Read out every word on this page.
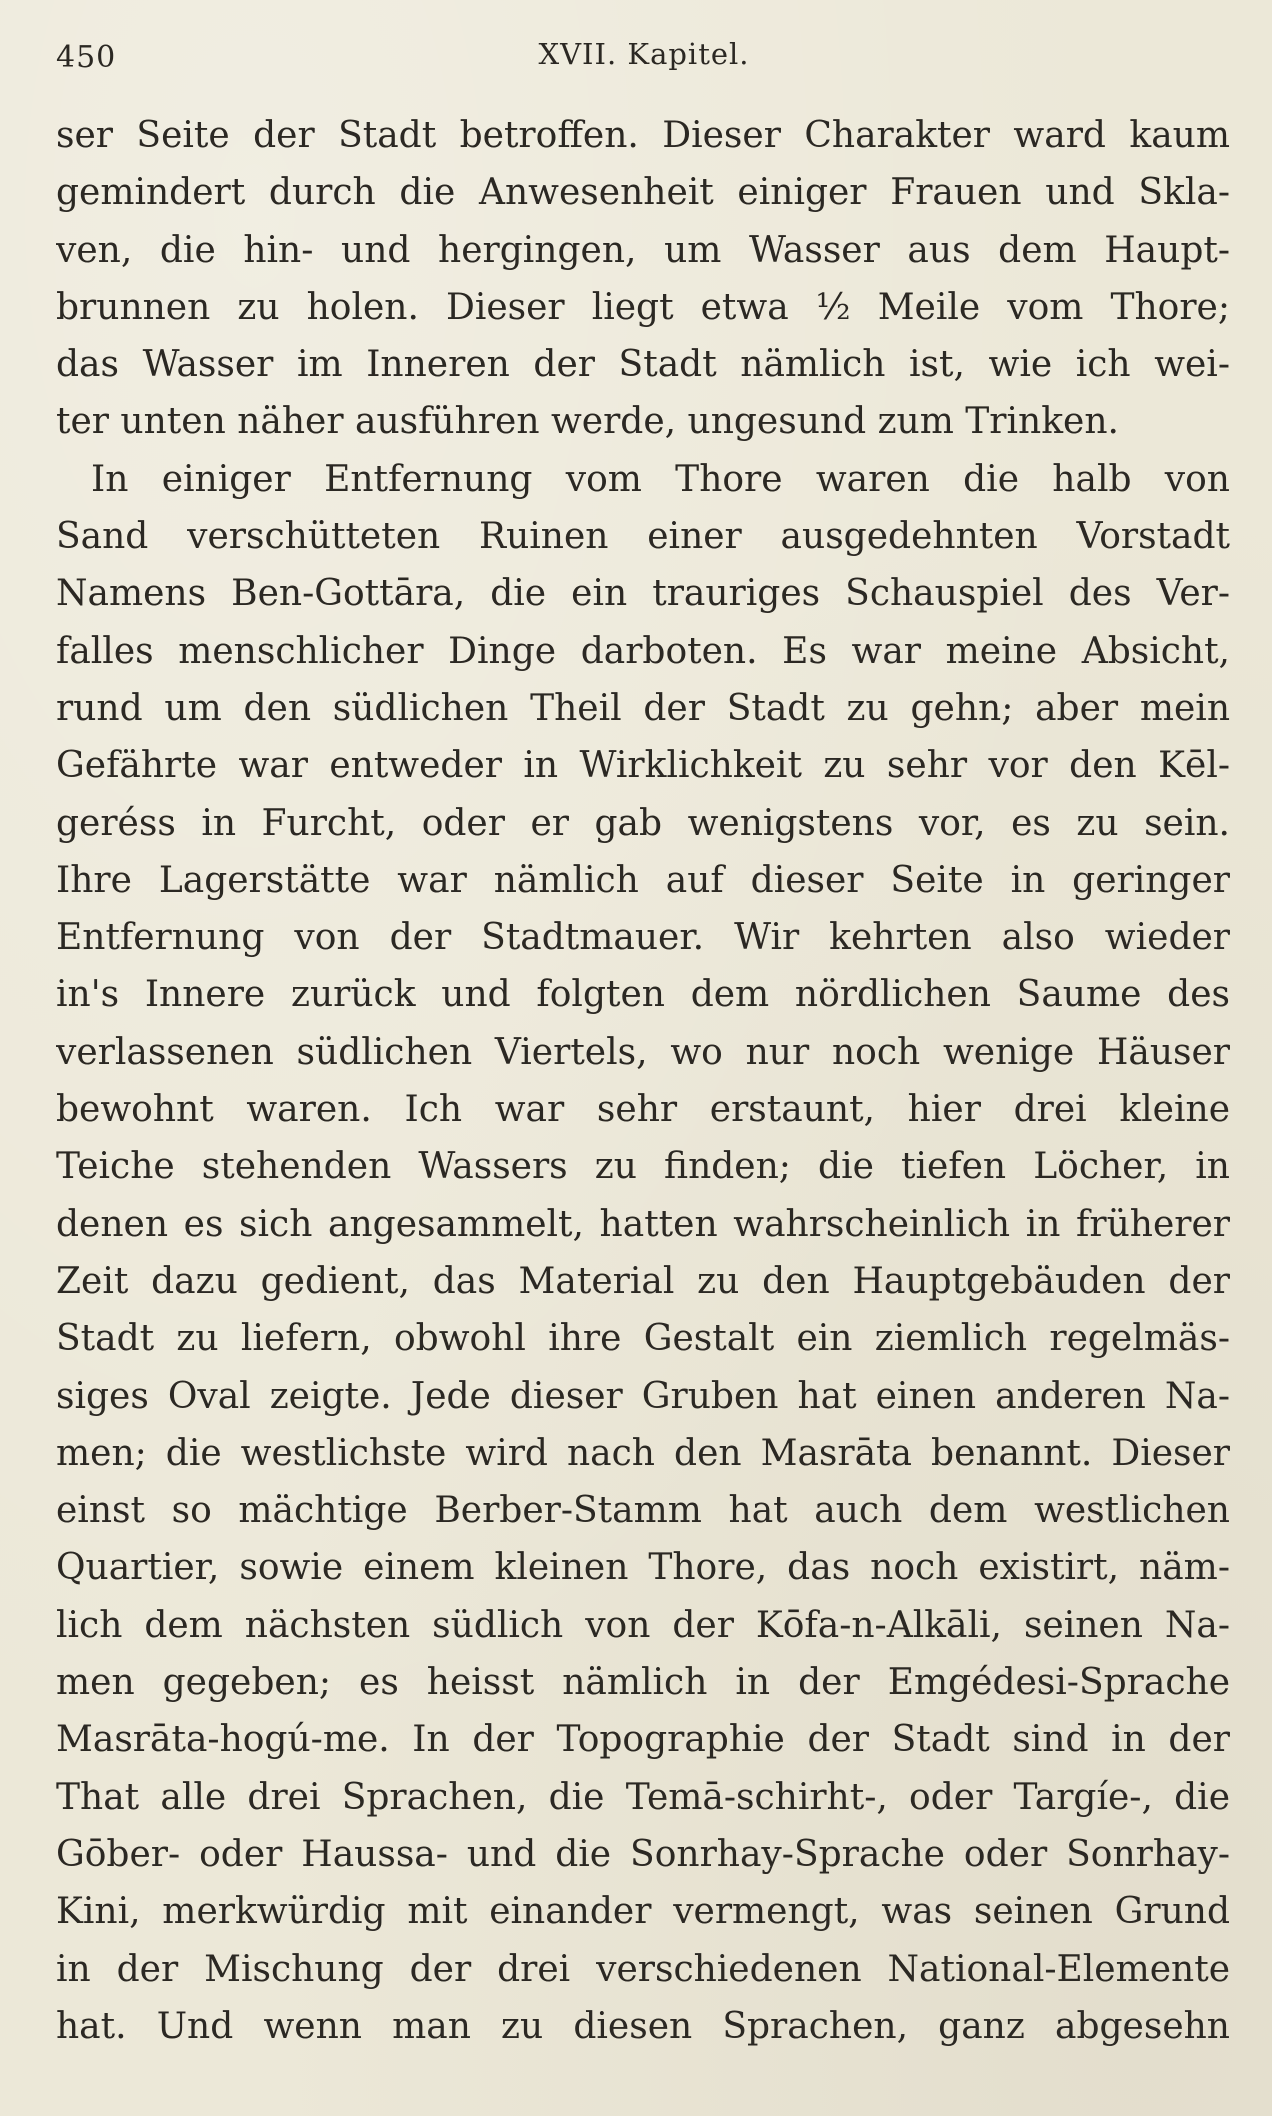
450	XVII. Kapitel.
ser Seite der Stadt betroffen. Dieser Charakter ward kaum
gemindert durch die Anwesenheit einiger Frauen und Skla-
ven, die hin- und hergingen, um Wasser aus dem Haupt-
brunnen zu holen. Dieser liegt etwa ½ Meile vom Thore;
das Wasser im Inneren der Stadt nämlich ist, wie ich wei-
ter unten näher ausführen werde, ungesund zum Trinken.
In einiger Entfernung vom Thore waren die halb von
Sand verschütteten Ruinen einer ausgedehnten Vorstadt
Namens Ben-Gottāra, die ein trauriges Schauspiel des Ver-
falles menschlicher Dinge darboten. Es war meine Absicht,
rund um den südlichen Theil der Stadt zu gehn; aber mein
Gefährte war entweder in Wirklichkeit zu sehr vor den Kēl-
geréss in Furcht, oder er gab wenigstens vor, es zu sein.
Ihre Lagerstätte war nämlich auf dieser Seite in geringer
Entfernung von der Stadtmauer. Wir kehrten also wieder
in's Innere zurück und folgten dem nördlichen Saume des
verlassenen südlichen Viertels, wo nur noch wenige Häuser
bewohnt waren. Ich war sehr erstaunt, hier drei kleine
Teiche stehenden Wassers zu finden; die tiefen Löcher, in
denen es sich angesammelt, hatten wahrscheinlich in früherer
Zeit dazu gedient, das Material zu den Hauptgebäuden der
Stadt zu liefern, obwohl ihre Gestalt ein ziemlich regelmäs-
siges Oval zeigte. Jede dieser Gruben hat einen anderen Na-
men; die westlichste wird nach den Masrāta benannt. Dieser
einst so mächtige Berber-Stamm hat auch dem westlichen
Quartier, sowie einem kleinen Thore, das noch existirt, näm-
lich dem nächsten südlich von der Kōfa-n-Alkāli, seinen Na-
men gegeben; es heisst nämlich in der Emgédesi-Sprache
Masrāta-hogú-me. In der Topographie der Stadt sind in der
That alle drei Sprachen, die Temā-schirht-, oder Targíe-, die
Gōber- oder Haussa- und die Sonrhay-Sprache oder Sonrhay-
Kini, merkwürdig mit einander vermengt, was seinen Grund
in der Mischung der drei verschiedenen National-Elemente
hat. Und wenn man zu diesen Sprachen, ganz abgesehn
